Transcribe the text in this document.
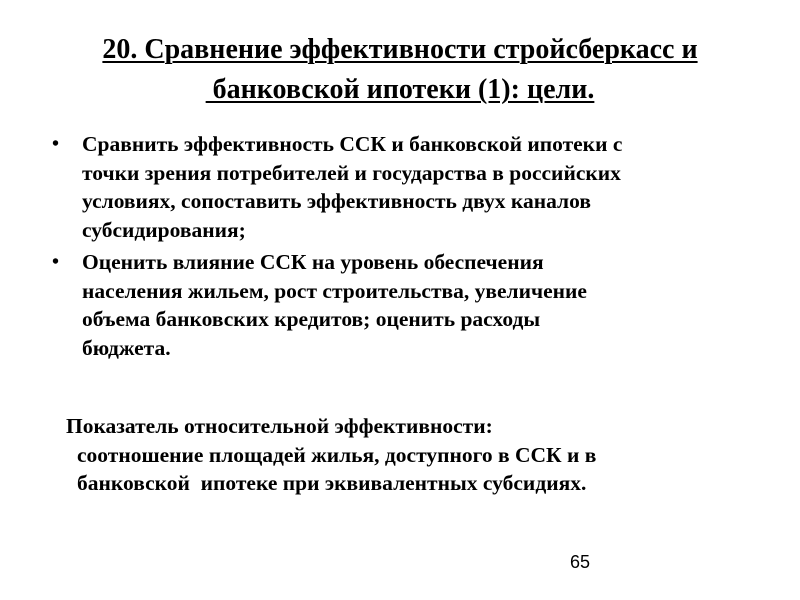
20. Сравнение эффективности стройсберкасс и
банковской ипотеки (1): цели.
• Сравнить эффективность ССК и банковской ипотеки с
точки зрения потребителей и государства в российских
условиях, сопоставить эффективность двух каналов
субсидирования;
• Оценить влияние ССК на уровень обеспечения
населения жильем, рост строительства, увеличение
объема банковских кредитов; оценить расходы
бюджета.
Показатель относительной эффективности:
соотношение площадей жилья, доступного в ССК и в
банковской  ипотеке при эквивалентных субсидиях.
65
